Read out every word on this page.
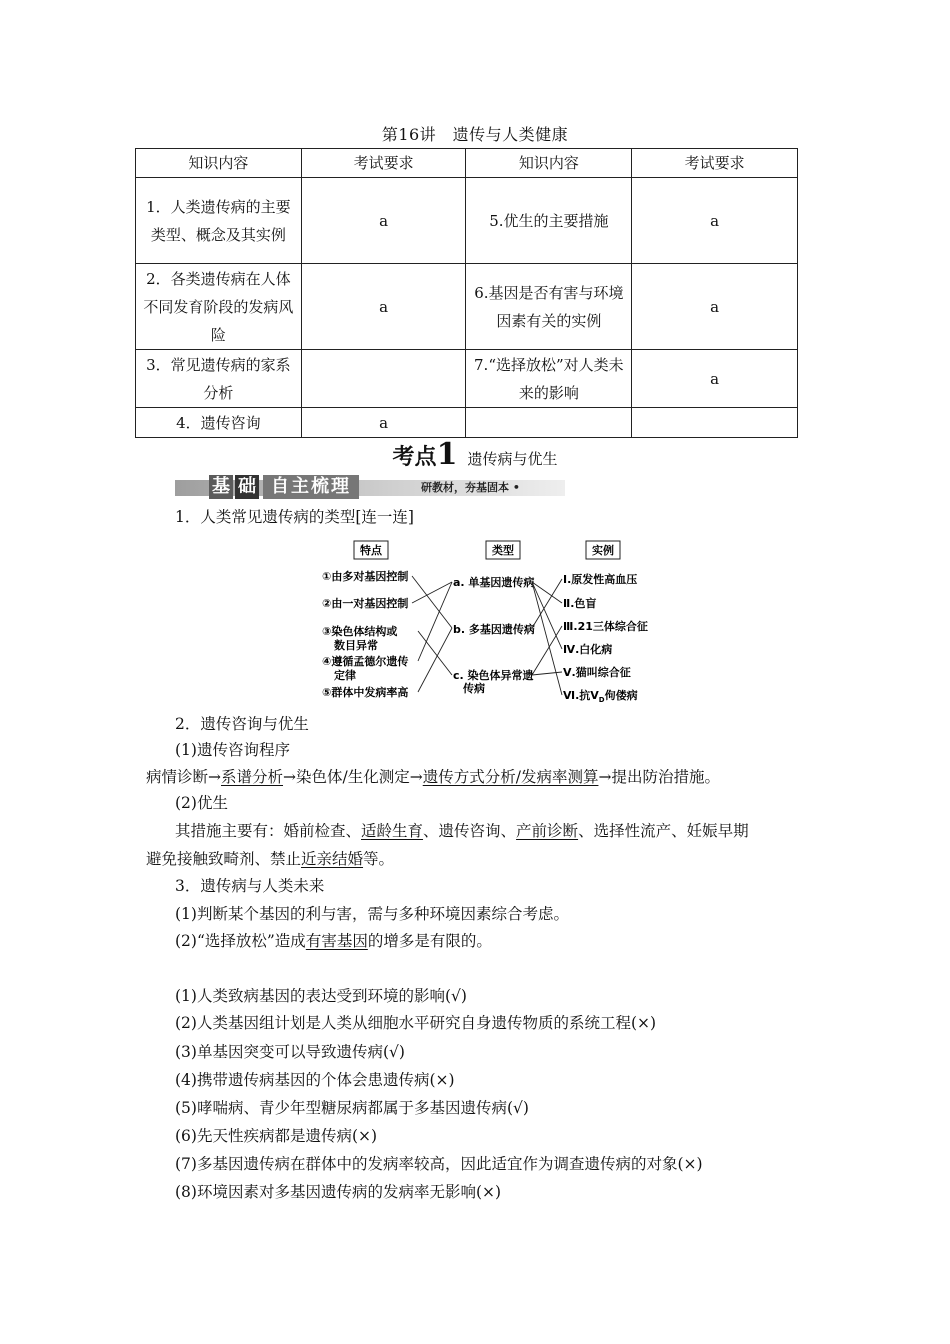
第16讲　遗传与人类健康
知识内容	考试要求	知识内容	考试要求
1．人类遗传病的主要类型、概念及其实例	a	5.优生的主要措施	a
2．各类遗传病在人体不同发育阶段的发病风险	a	6.基因是否有害与环境因素有关的实例	a
3．常见遗传病的家系分析		7.“选择放松”对人类未来的影响	a
4．遗传咨询	a		
考点1 遗传病与优生
基 础 自主梳理	研教材，夯基固本 •
1．人类常见遗传病的类型[连一连]
特点	类型	实例
①由多对基因控制
②由一对基因控制
③染色体结构或
数目异常
④遵循孟德尔遗传
定律
⑤群体中发病率高
a. 单基因遗传病
b. 多基因遗传病
c. 染色体异常遗
传病
Ⅰ.原发性高血压
Ⅱ.色盲
Ⅲ.21三体综合征
Ⅳ.白化病
Ⅴ.猫叫综合征
Ⅵ.抗$V_D$佝偻病
2．遗传咨询与优生
(1)遗传咨询程序
病情诊断→系谱分析→染色体/生化测定→遗传方式分析/发病率测算→提出防治措施。
(2)优生
其措施主要有：婚前检查、适龄生育、遗传咨询、产前诊断、选择性流产、妊娠早期
避免接触致畸剂、禁止近亲结婚等。
3．遗传病与人类未来
(1)判断某个基因的利与害，需与多种环境因素综合考虑。
(2)“选择放松”造成有害基因的增多是有限的。
(1)人类致病基因的表达受到环境的影响(√)
(2)人类基因组计划是人类从细胞水平研究自身遗传物质的系统工程(×)
(3)单基因突变可以导致遗传病(√)
(4)携带遗传病基因的个体会患遗传病(×)
(5)哮喘病、青少年型糖尿病都属于多基因遗传病(√)
(6)先天性疾病都是遗传病(×)
(7)多基因遗传病在群体中的发病率较高，因此适宜作为调查遗传病的对象(×)
(8)环境因素对多基因遗传病的发病率无影响(×)
